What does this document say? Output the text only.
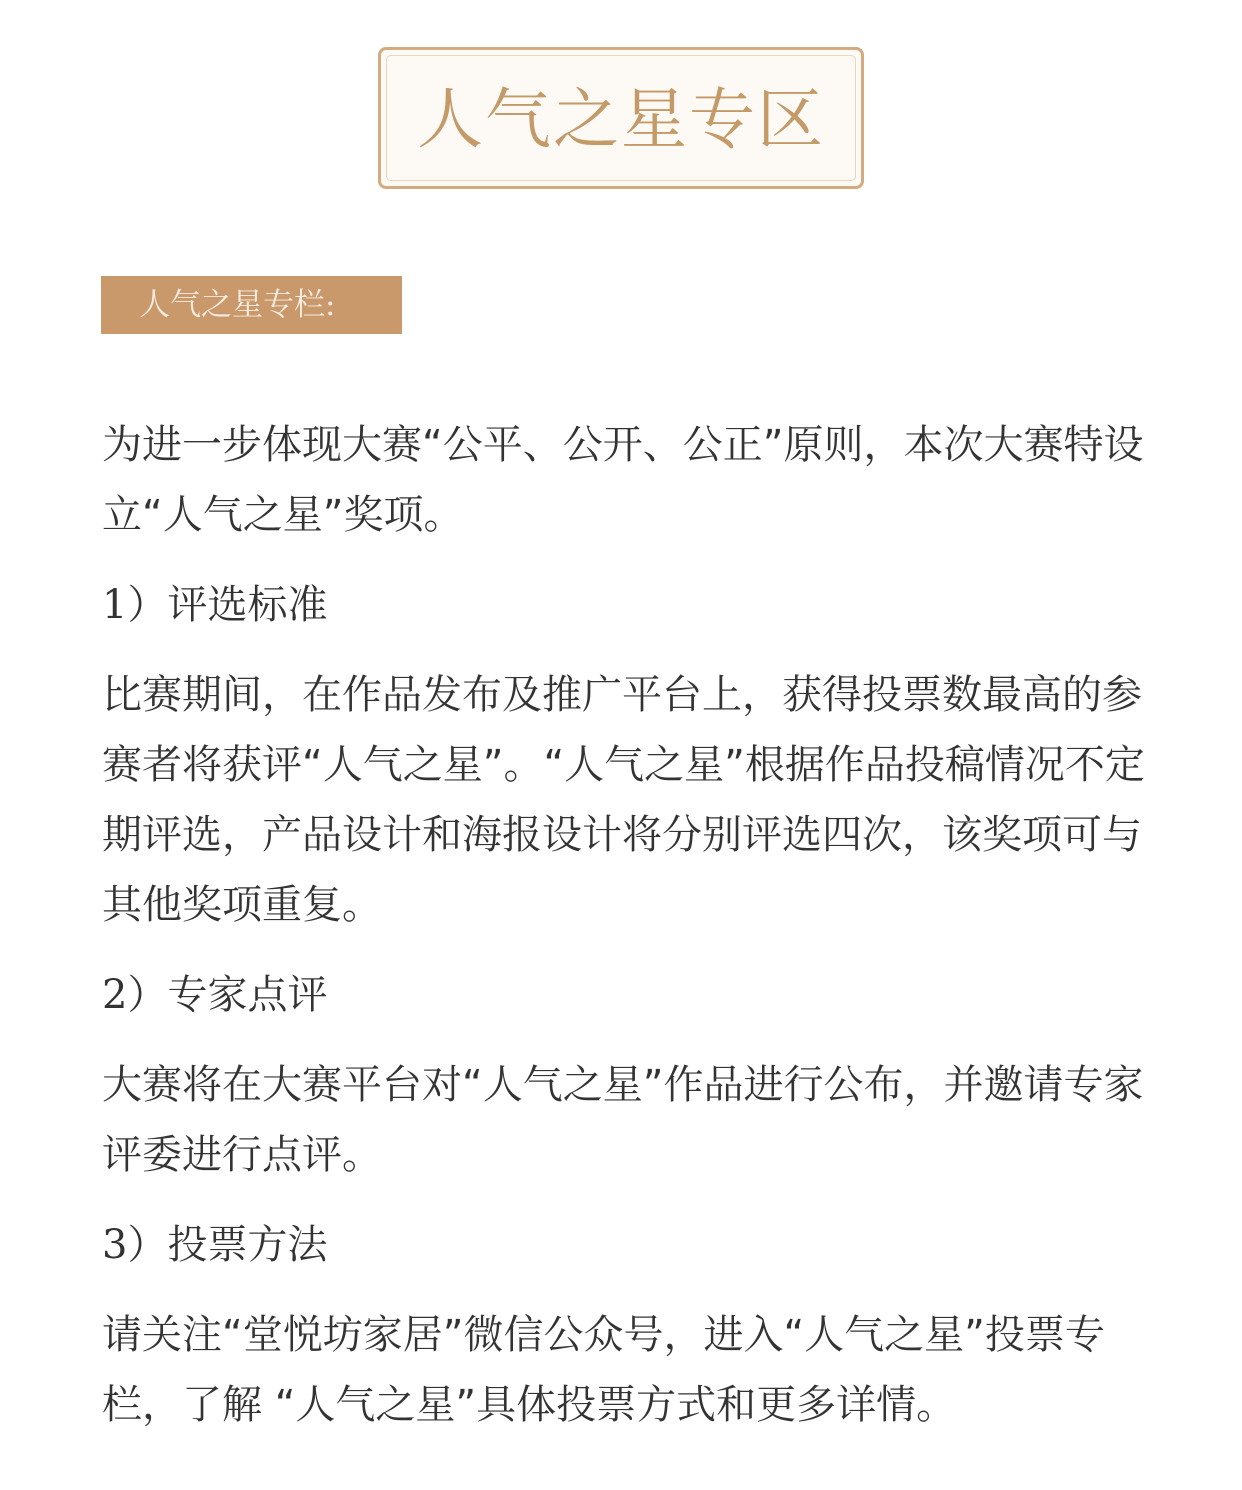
人气之星专区
人气之星专栏:

为进一步体现大赛“公平、公开、公正”原则，本次大赛特设立“人气之星”奖项。

1）评选标准

比赛期间，在作品发布及推广平台上，获得投票数最高的参赛者将获评“人气之星”。“人气之星”根据作品投稿情况不定期评选，产品设计和海报设计将分别评选四次，该奖项可与其他奖项重复。

2）专家点评

大赛将在大赛平台对“人气之星”作品进行公布，并邀请专家评委进行点评。

3）投票方法

请关注“堂悦坊家居”微信公众号，进入“人气之星”投票专栏，了解 “人气之星”具体投票方式和更多详情。
